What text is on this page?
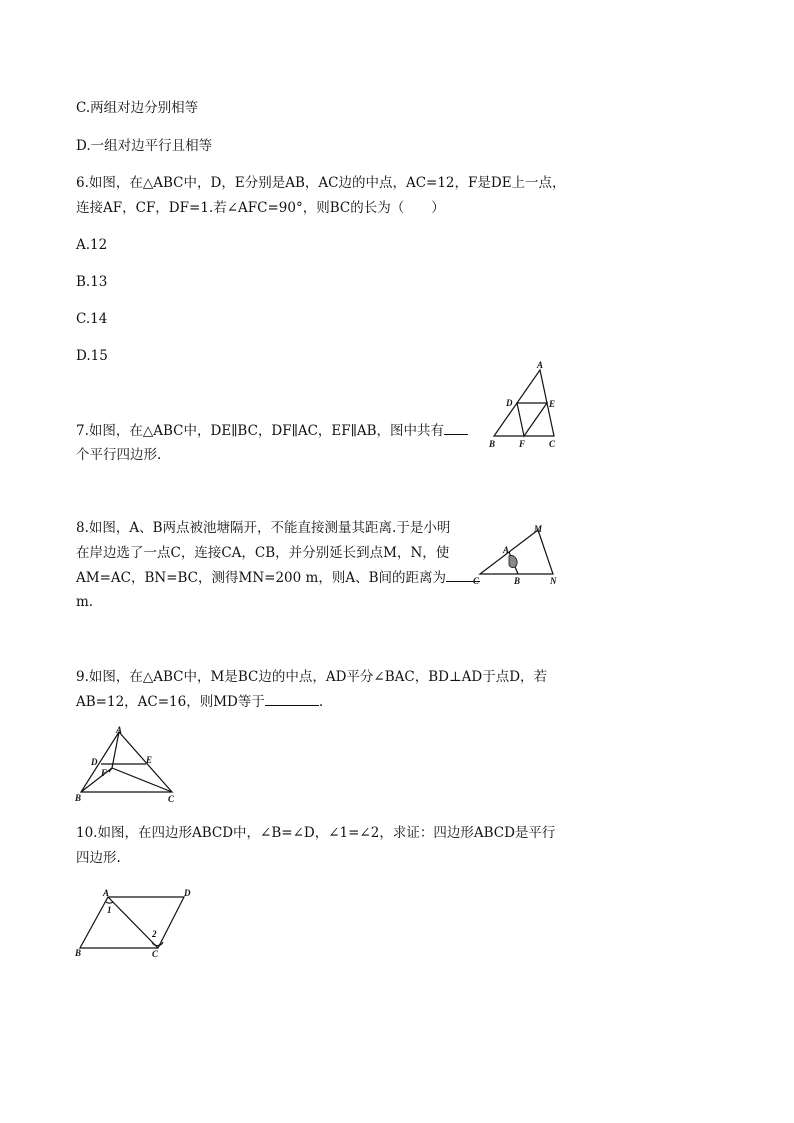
C.两组对边分别相等
D.一组对边平行且相等
6.如图，在△ABC中，D，E分别是AB，AC边的中点，AC=12，F是DE上一点，
连接AF，CF，DF=1.若∠AFC=90°，则BC的长为（　　）
A.12
B.13
C.14
D.15
7.如图，在△ABC中，DE∥BC，DF∥AC，EF∥AB，图中共有
个平行四边形.
A
B	C
D	E
F
8.如图，A、B两点被池塘隔开，不能直接测量其距离.于是小明
在岸边选了一点C，连接CA，CB，并分别延长到点M，N，使
AM=AC，BN=BC，测得MN=200 m，则A、B间的距离为
m.
A
B
C
M
N
9.如图，在△ABC中，M是BC边的中点，AD平分∠BAC，BD⊥AD于点D，若
AB=12，AC=16，则MD等于	.
A
B	C
D	E
F
10.如图，在四边形ABCD中，∠B=∠D，∠1=∠2，求证：四边形ABCD是平行
四边形.
A
B	C
D
1
2
